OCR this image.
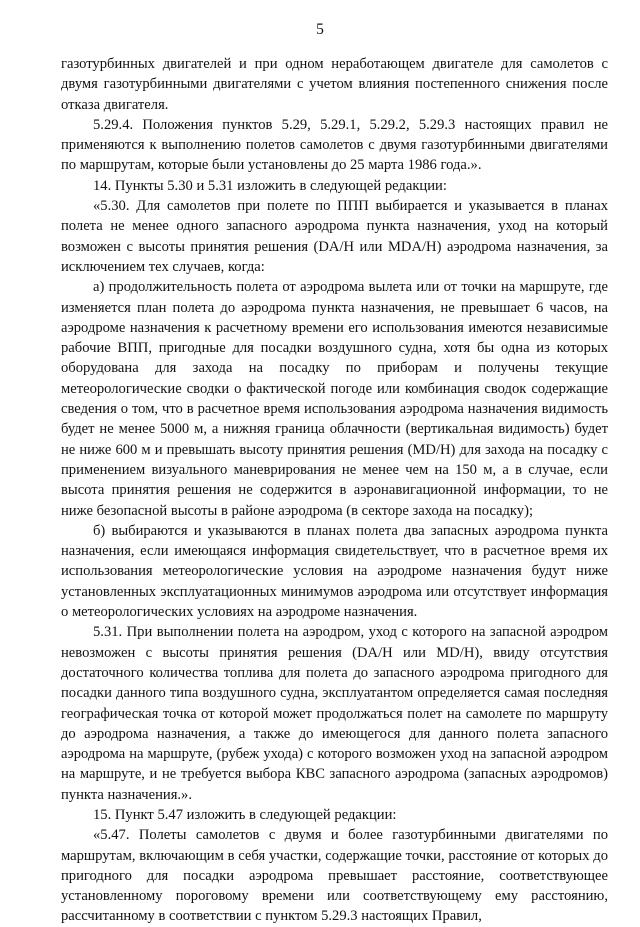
5

газотурбинных двигателей и при одном неработающем двигателе для самолетов с двумя газотурбинными двигателями с учетом влияния постепенного снижения после отказа двигателя.

5.29.4. Положения пунктов 5.29, 5.29.1, 5.29.2, 5.29.3 настоящих правил не применяются к выполнению полетов самолетов с двумя газотурбинными двигателями по маршрутам, которые были установлены до 25 марта 1986 года.».

14. Пункты 5.30 и 5.31 изложить в следующей редакции:

«5.30. Для самолетов при полете по ППП выбирается и указывается в планах полета не менее одного запасного аэродрома пункта назначения, уход на который возможен с высоты принятия решения (DA/H или MDA/H) аэродрома назначения, за исключением тех случаев, когда:

а) продолжительность полета от аэродрома вылета или от точки на маршруте, где изменяется план полета до аэродрома пункта назначения, не превышает 6 часов, на аэродроме назначения к расчетному времени его использования имеются независимые рабочие ВПП, пригодные для посадки воздушного судна, хотя бы одна из которых оборудована для захода на посадку по приборам и получены текущие метеорологические сводки о фактической погоде или комбинация сводок содержащие сведения о том, что в расчетное время использования аэродрома назначения видимость будет не менее 5000 м, а нижняя граница облачности (вертикальная видимость) будет не ниже 600 м и превышать высоту принятия решения (MD/H) для захода на посадку с применением визуального маневрирования не менее чем на 150 м, а в случае, если высота принятия решения не содержится в аэронавигационной информации, то не ниже безопасной высоты в районе аэродрома (в секторе захода на посадку);

б) выбираются и указываются в планах полета два запасных аэродрома пункта назначения, если имеющаяся информация свидетельствует, что в расчетное время их использования метеорологические условия на аэродроме назначения будут ниже установленных эксплуатационных минимумов аэродрома или отсутствует информация о метеорологических условиях на аэродроме назначения.

5.31. При выполнении полета на аэродром, уход с которого на запасной аэродром невозможен с высоты принятия решения (DA/H или MD/H), ввиду отсутствия достаточного количества топлива для полета до запасного аэродрома пригодного для посадки данного типа воздушного судна, эксплуатантом определяется самая последняя географическая точка от которой может продолжаться полет на самолете по маршруту до аэродрома назначения, а также до имеющегося для данного полета запасного аэродрома на маршруте, (рубеж ухода) с которого возможен уход на запасной аэродром на маршруте, и не требуется выбора КВС запасного аэродрома (запасных аэродромов) пункта назначения.».

15. Пункт 5.47 изложить в следующей редакции:

«5.47. Полеты самолетов с двумя и более газотурбинными двигателями по маршрутам, включающим в себя участки, содержащие точки, расстояние от которых до пригодного для посадки аэродрома превышает расстояние, соответствующее установленному пороговому времени или соответствующему ему расстоянию, рассчитанному в соответствии с пунктом 5.29.3 настоящих Правил,
